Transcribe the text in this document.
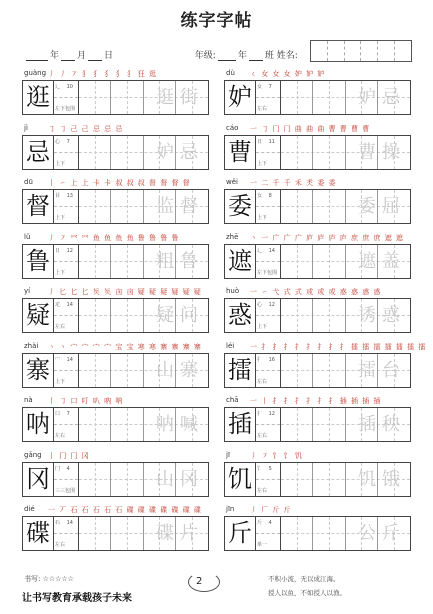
练字字帖
年 月 日	年级: 年 班 姓名:
guàng 丿 丿 ㇇ 犭 犭 犭 犭 犭 狂 逛
逛	辶 10
左下包围
逛街
dù ㄑ 女 女 女 妒 妒 妒
妒	女 7
左右
妒忌
jì	㇆ ㇆ 己 己 忌 忌 忌
忌	心 7
上下
妒忌
cáo 一 ㇆ 冂 冂 曲 曲 曲 曹 曹 曹 曹
曹	日 11
上下
曹操
dū 丨 ㇀ 上 上 卡 卡 叔 叔 叔 督 督 督 督
督	目 13
上下
监督
wěi 一 二 千 千 禾 秂 委 委
委	女 8
上下
委屈
lǔ	丿 ㇇ 㓁 㓁 鱼 鱼 鱼 鱼 鲁 鲁 鲁 鲁
鲁	日 12
上下
粗鲁
zhē 丶 一 广 广 广 庐 庐 庐 庐 庶 庶 庶 遮 遮
遮	辶 14
左下包围
遮盖
yí	丿 匕 匕 匕 𠤕 𠤕 㐫 㐫 疑 疑 疑 疑 疑 疑
疑	疋 14
左右
疑问
huò 一 ㇀ 弋 式 式 或 或 或 惑 惑 惑 惑
惑	心 12
上下
诱惑
zhài 丶 丶 宀 宀 宀 宀 宝 宝 寒 寒 寨 寨 寨 寨
寨	宀 14
上下
山寨
léi 一 扌 扌 扌 扌 扌 扌 扌 扌 擂 擂 擂 擂 擂 擂 擂
擂	扌 16
左右
擂台
nà 丨 ㇆ 口 叮 叭 吶 呐
呐	口 7
左右
呐喊
chā 一 丨 扌 扌 扌 扌 扌 扌 插 插 插 插
插	扌 12
左右
插秧
gǎng 丨 冂 冂 冈
冈	冂 4
三三包围
山冈
jī	丿 ㇇ 饣 饣 饥
饥	饣 5
左右
饥饿
dié 一 丆 石 石 石 石 石 碟 碟 碟 碟 碟 碟 碟
碟	石 14
左右
碟片
jīn 丿 厂 斤 斤
斤	斤 4
单一
公斤
书写: ☆☆☆☆☆
让书写教育承载孩子未来
2	不积小流，无以成江海。
授人以鱼，不如授人以渔。
